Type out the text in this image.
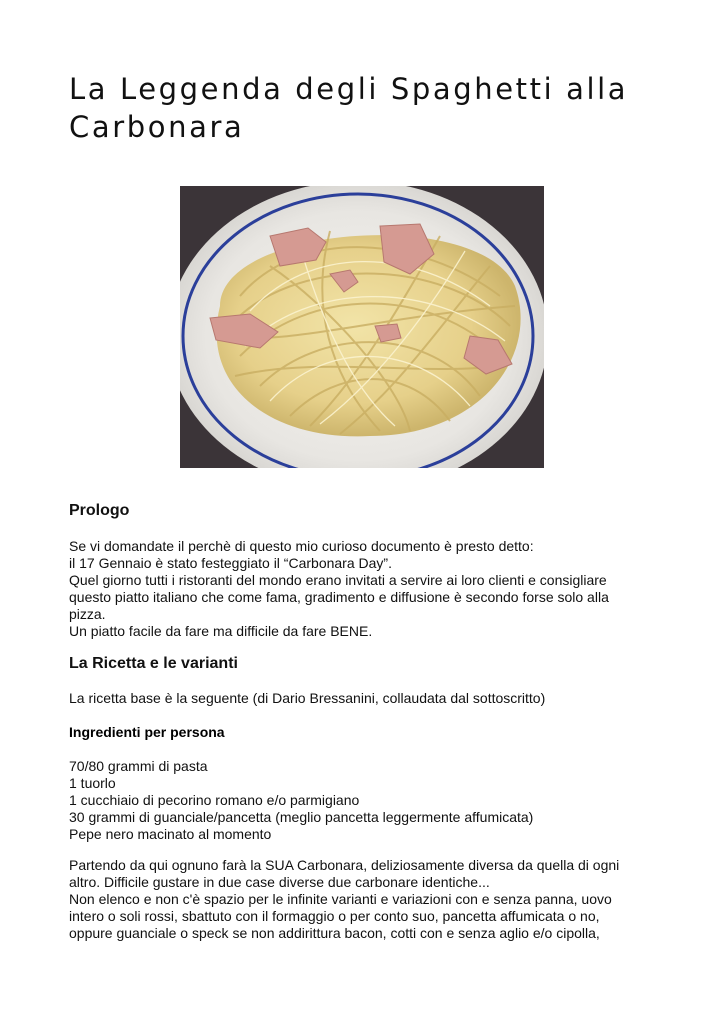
La Leggenda degli Spaghetti alla Carbonara
Prologo

Se vi domandate il perchè di questo mio curioso documento è presto detto:
il 17 Gennaio è stato festeggiato il “Carbonara Day”.
Quel giorno tutti i ristoranti del mondo erano invitati a servire ai loro clienti e consigliare
questo piatto italiano che come fama, gradimento e diffusione è secondo forse solo alla
pizza.
Un piatto facile da fare ma difficile da fare BENE.

La Ricetta e le varianti

La ricetta base è la seguente (di Dario Bressanini, collaudata dal sottoscritto)

Ingredienti per persona

70/80 grammi di pasta
1 tuorlo
1 cucchiaio di pecorino romano e/o parmigiano
30 grammi di guanciale/pancetta (meglio pancetta leggermente affumicata)
Pepe nero macinato al momento

Partendo da qui ognuno farà la SUA Carbonara, deliziosamente diversa da quella di ogni
altro. Difficile gustare in due case diverse due carbonare identiche...
Non elenco e non c'è spazio per le infinite varianti e variazioni con e senza panna, uovo
intero o soli rossi, sbattuto con il formaggio o per conto suo, pancetta affumicata o no,
oppure guanciale o speck se non addirittura bacon, cotti con e senza aglio e/o cipolla,
